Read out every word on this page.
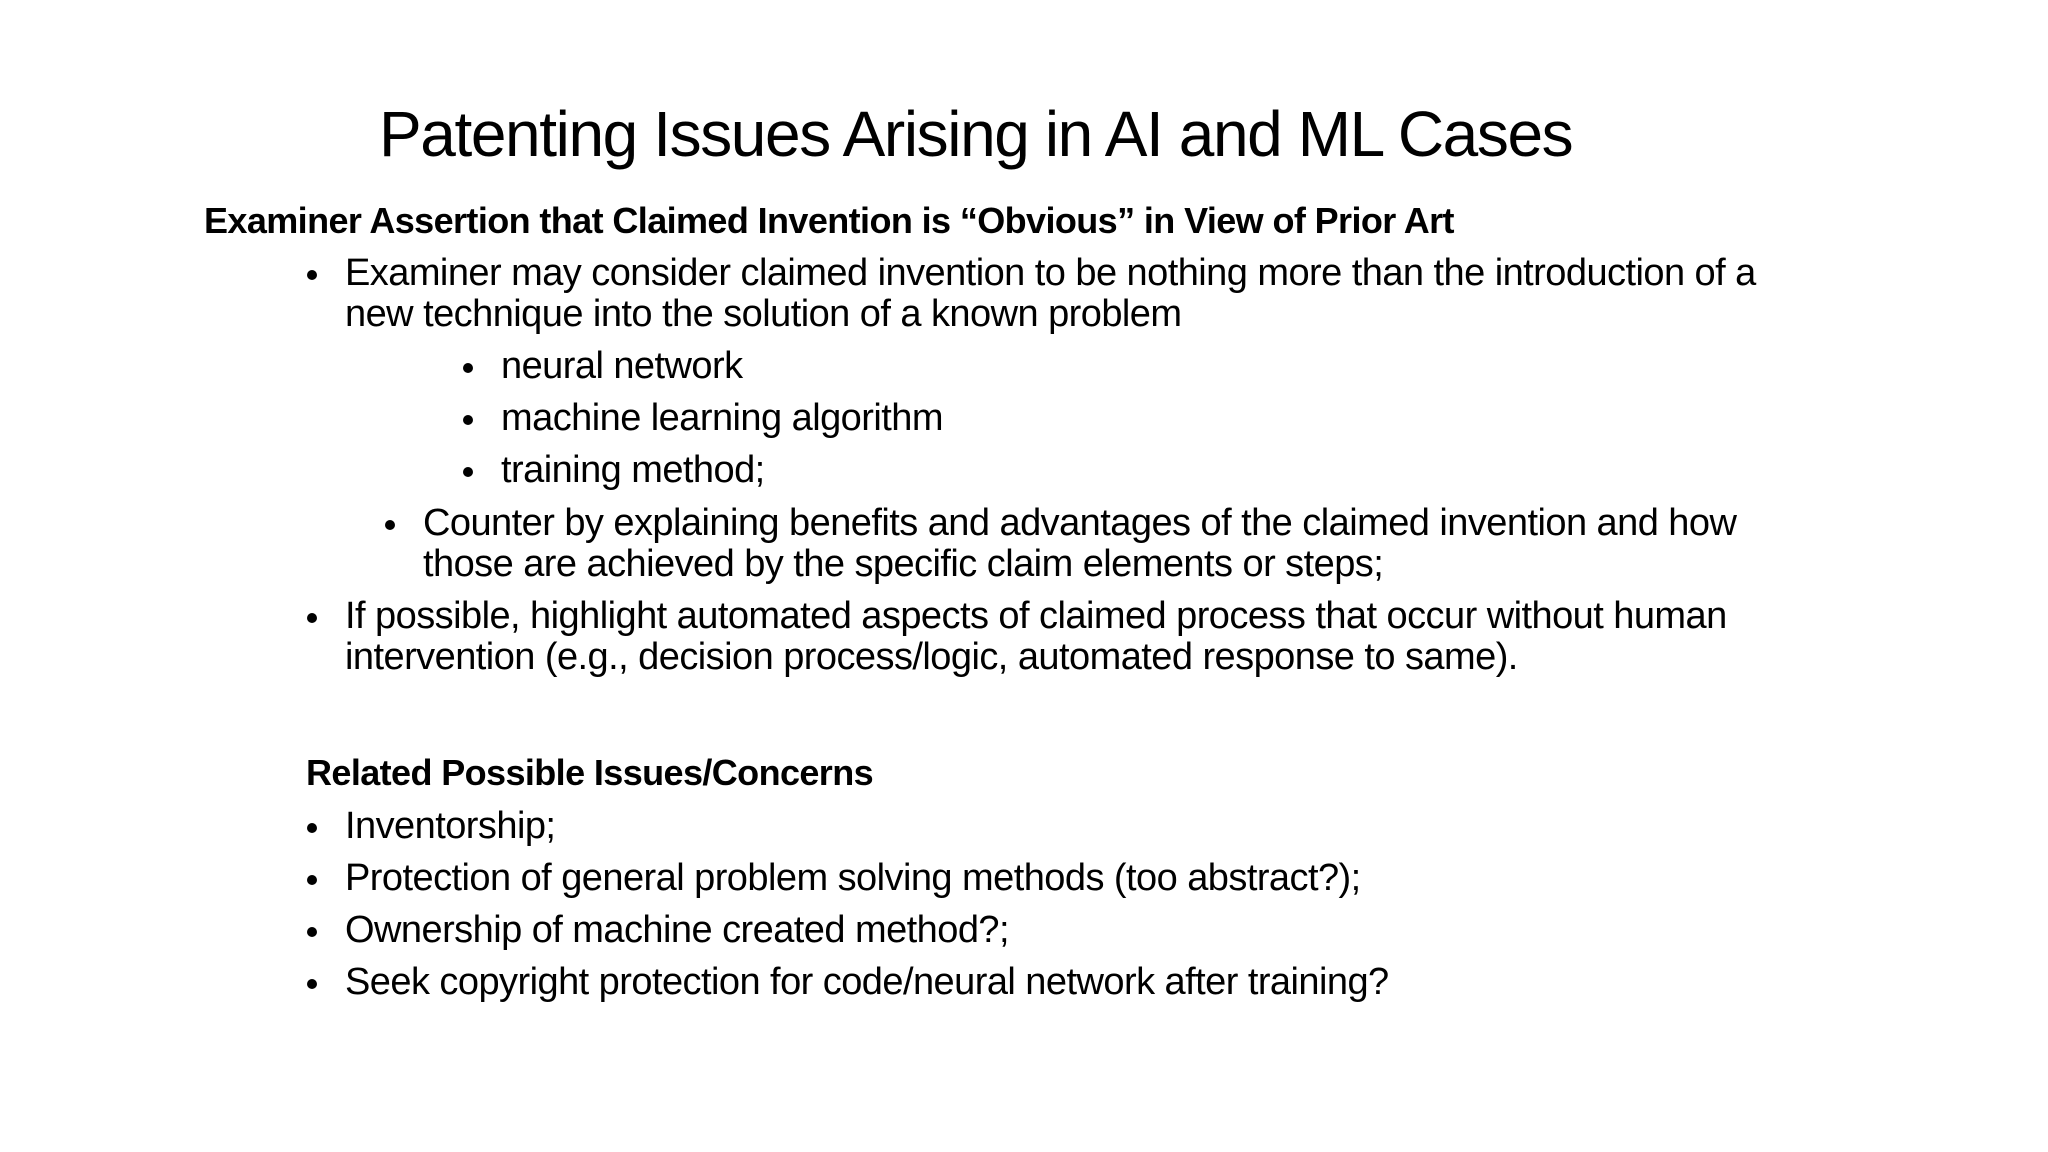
Patenting Issues Arising in AI and ML Cases
Examiner Assertion that Claimed Invention is “Obvious” in View of Prior Art
Examiner may consider claimed invention to be nothing more than the introduction of a
new technique into the solution of a known problem
neural network
machine learning algorithm
training method;
Counter by explaining benefits and advantages of the claimed invention and how
those are achieved by the specific claim elements or steps;
If possible, highlight automated aspects of claimed process that occur without human
intervention (e.g., decision process/logic, automated response to same).
Related Possible Issues/Concerns
Inventorship;
Protection of general problem solving methods (too abstract?);
Ownership of machine created method?;
Seek copyright protection for code/neural network after training?
